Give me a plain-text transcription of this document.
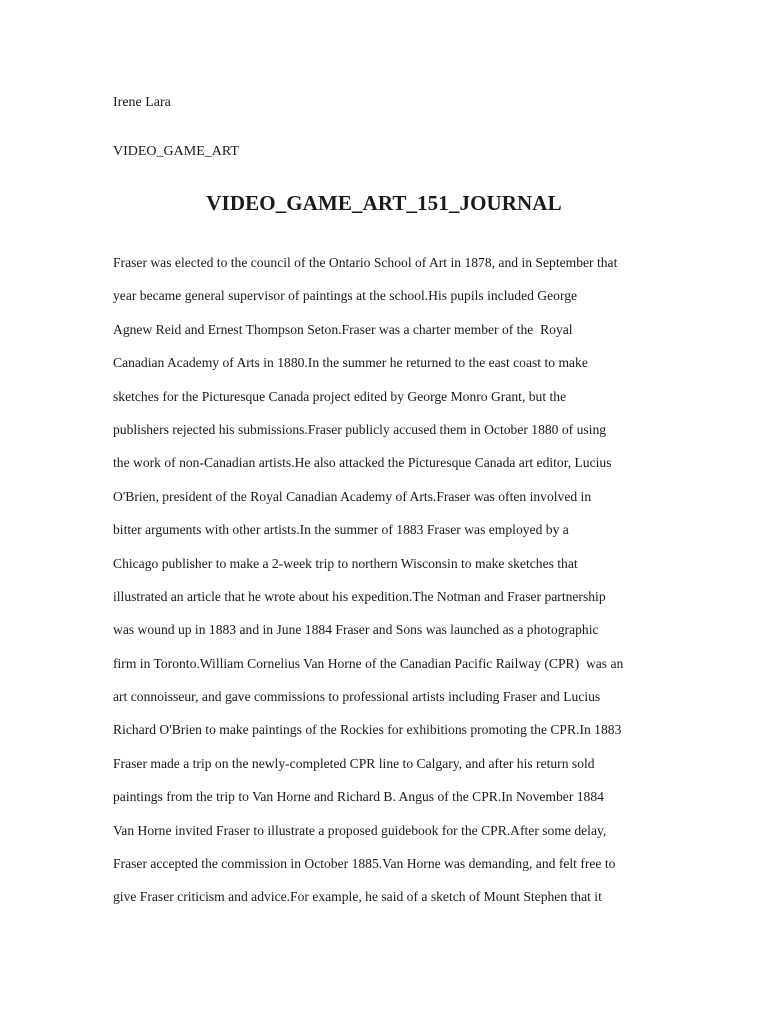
Irene Lara
VIDEO_GAME_ART
VIDEO_GAME_ART_151_JOURNAL
Fraser was elected to the council of the Ontario School of Art in 1878, and in September that
year became general supervisor of paintings at the school.His pupils included George
Agnew Reid and Ernest Thompson Seton.Fraser was a charter member of the  Royal
Canadian Academy of Arts in 1880.In the summer he returned to the east coast to make
sketches for the Picturesque Canada project edited by George Monro Grant, but the
publishers rejected his submissions.Fraser publicly accused them in October 1880 of using
the work of non-Canadian artists.He also attacked the Picturesque Canada art editor, Lucius
O'Brien, president of the Royal Canadian Academy of Arts.Fraser was often involved in
bitter arguments with other artists.In the summer of 1883 Fraser was employed by a
Chicago publisher to make a 2-week trip to northern Wisconsin to make sketches that
illustrated an article that he wrote about his expedition.The Notman and Fraser partnership
was wound up in 1883 and in June 1884 Fraser and Sons was launched as a photographic
firm in Toronto.William Cornelius Van Horne of the Canadian Pacific Railway (CPR)  was an
art connoisseur, and gave commissions to professional artists including Fraser and Lucius
Richard O'Brien to make paintings of the Rockies for exhibitions promoting the CPR.In 1883
Fraser made a trip on the newly-completed CPR line to Calgary, and after his return sold
paintings from the trip to Van Horne and Richard B. Angus of the CPR.In November 1884
Van Horne invited Fraser to illustrate a proposed guidebook for the CPR.After some delay,
Fraser accepted the commission in October 1885.Van Horne was demanding, and felt free to
give Fraser criticism and advice.For example, he said of a sketch of Mount Stephen that it
